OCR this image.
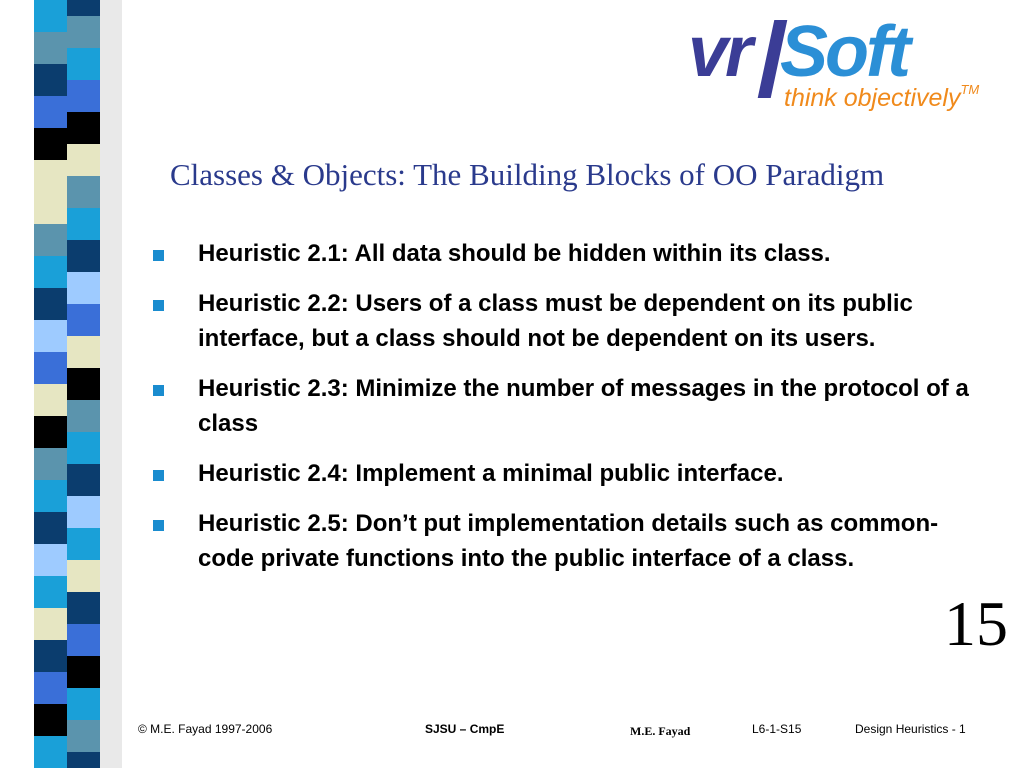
vr Soft
think objectively™
Classes & Objects: The Building Blocks of OO Paradigm
Heuristic 2.1: All data should be hidden within its class.
Heuristic 2.2: Users of a class must be dependent on its public interface, but a class should not be dependent on its users.
Heuristic 2.3: Minimize the number of messages in the protocol of a class
Heuristic 2.4: Implement a minimal public interface.
Heuristic 2.5: Don’t put implementation details such as common-code private functions into the public interface of a class.
15
© M.E. Fayad 1997-2006	SJSU – CmpE	M.E. Fayad	L6-1-S15	Design Heuristics - 1
